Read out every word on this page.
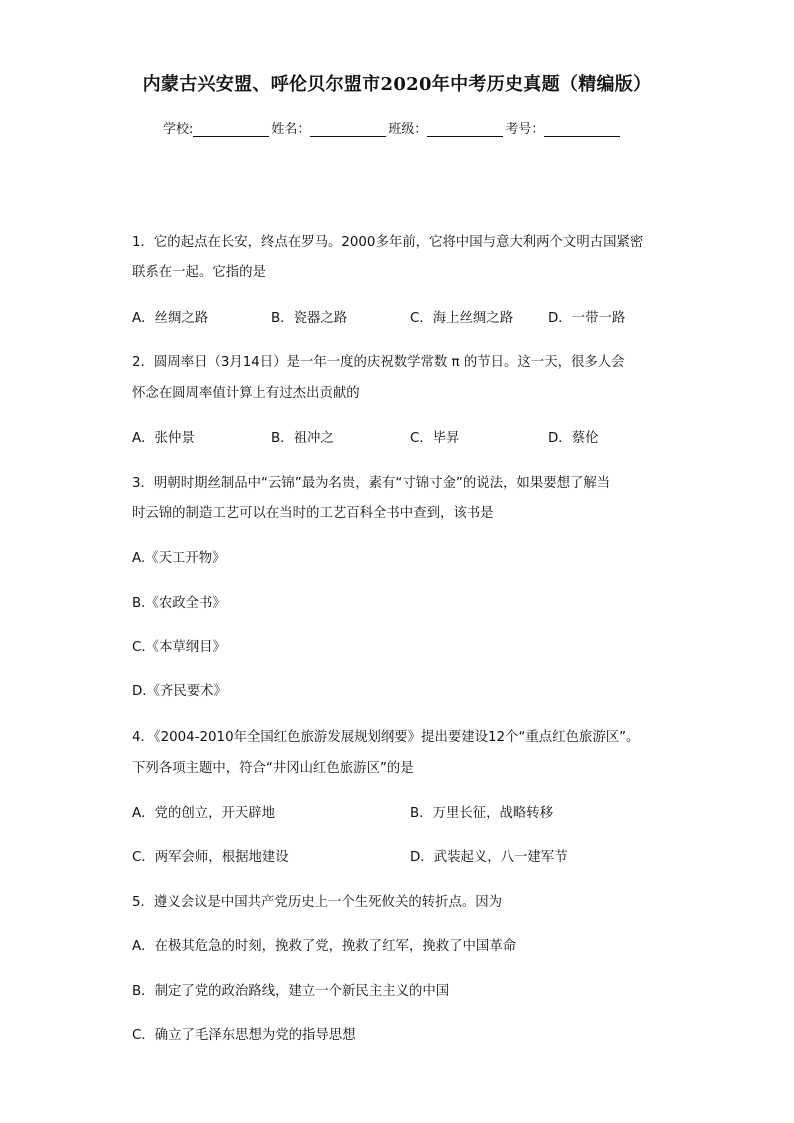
内蒙古兴安盟、呼伦贝尔盟市2020年中考历史真题（精编版）
学校:	姓名：	班级：	考号：
1．它的起点在长安，终点在罗马。2000多年前，它将中国与意大利两个文明古国紧密
联系在一起。它指的是
A．丝绸之路	B．瓷器之路	C．海上丝绸之路	D．一带一路
2．圆周率日（3月14日）是一年一度的庆祝数学常数 π 的节日。这一天，很多人会
怀念在圆周率值计算上有过杰出贡献的
A．张仲景	B．祖冲之	C．毕昇	D．蔡伦
3．明朝时期丝制品中“云锦”最为名贵，素有“寸锦寸金”的说法，如果要想了解当
时云锦的制造工艺可以在当时的工艺百科全书中查到，该书是
A.《天工开物》
B.《农政全书》
C.《本草纲目》
D.《齐民要术》
4．《2004-2010年全国红色旅游发展规划纲要》提出要建设12个“重点红色旅游区”。
下列各项主题中，符合“井冈山红色旅游区”的是
A．党的创立，开天辟地	B．万里长征，战略转移
C．两军会师，根据地建设	D．武装起义，八一建军节
5．遵义会议是中国共产党历史上一个生死攸关的转折点。因为
A．在极其危急的时刻，挽救了党，挽救了红军，挽救了中国革命
B．制定了党的政治路线，建立一个新民主主义的中国
C．确立了毛泽东思想为党的指导思想
